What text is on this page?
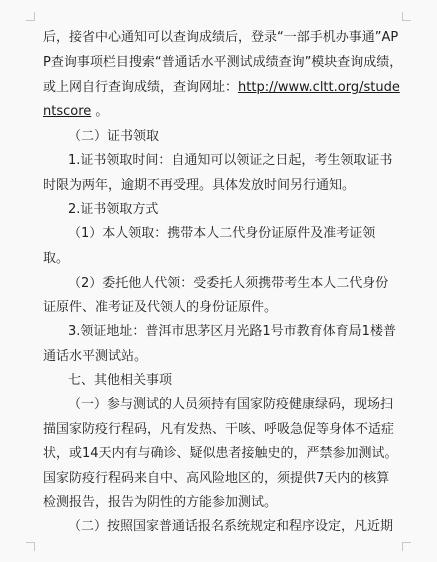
后，接省中心通知可以查询成绩后，登录“一部手机办事通”AP
P查询事项栏目搜索“普通话水平测试成绩查询”模块查询成绩，
或上网自行查询成绩，查询网址：http://www.cltt.org/stude
ntscore 。
（二）证书领取
1.证书领取时间：自通知可以领证之日起，考生领取证书
时限为两年，逾期不再受理。具体发放时间另行通知。
2.证书领取方式
（1）本人领取：携带本人二代身份证原件及准考证领
取。
（2）委托他人代领：受委托人须携带考生本人二代身份
证原件、准考证及代领人的身份证原件。
3.领证地址：普洱市思茅区月光路1号市教育体育局1楼普
通话水平测试站。
七、其他相关事项
（一）参与测试的人员须持有国家防疫健康绿码，现场扫
描国家防疫行程码，凡有发热、干咳、呼吸急促等身体不适症
状，或14天内有与确诊、疑似患者接触史的，严禁参加测试。
国家防疫行程码来自中、高风险地区的，须提供7天内的核算
检测报告，报告为阴性的方能参加测试。
（二）按照国家普通话报名系统规定和程序设定，凡近期
